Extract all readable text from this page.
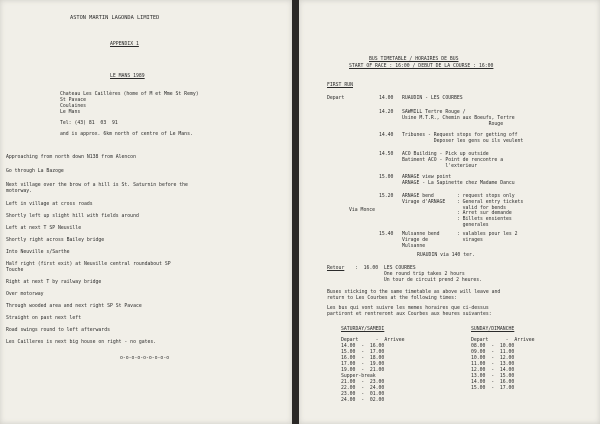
ASTON MARTIN LAGONDA LIMITED
APPENDIX 1
LE MANS 1989
Chateau Les Caillères (home of M et Mme St Remy)
St Pavace
Coulaines
Le Mans
Tel: (43) 81  03  91
and is approx. 6km north of centre of Le Mans.
Approaching from north down N138 from Alencon
Go through La Bazoge
Next village over the brow of a hill is St. Saturnin before the
motorway.
Left in village at cross roads
Shortly left up slight hill with fields around
Left at next T SP Neuville
Shortly right across Bailey bridge
Into Neuville s/Sarthe
Half right (first exit) at Neuville central roundabout SP
Touche
Right at next T by railway bridge
Over motorway
Through wooded area and next right SP St Pavace
Straight on past next left
Road swings round to left afterwards
Les Cailleres is next big house on right - no gates.
o-o-o-o-o-o-o-o-o
BUS TIMETABLE / HORAIRES DE BUS
START OF RACE : 16:00 / DEBUT DE LA COURSE : 16:00
FIRST RUN
Depart	14.00 RUAUDIN - LES COURBES
14.20 SAWMILL Tertre Rouge /
Usine M.T.R., Chemin aux Boeufs, Tertre
Rouge
14.40 Tribunes - Request stops for getting off
Deposer les gens ou ils veulent
14.50 ACO Building - Pick up outside
Batiment ACO - Point de rencontre a
l'exterieur
15.00 ARNAGE view point
ARNAGE - La Sapinette chez Madame Dancu
Via Monce
15.20 ARNAGE bend        : request stops only
Virage d'ARNAGE    : General entry tickets
valid for bends
: Arret sur demande
: Billets ensientes
generales
15.40 Mulsanne bend      : valables pour les 2
Virage de            virages
Mulsanne
RUAUDIN via 140 ter.
Retour :  16.00  LES COURBES
One round trip takes 2 hours
Un tour de circuit prend 2 heures.
Buses sticking to the same timetable as above will leave and
return to Les Courbes at the following times:
Les bus qui vont suivre les memes horaires que ci-dessus
partiront et rentreront aux Courbes aux heures suivantes:
SATURDAY/SAMEDI
Depart      -  Arrivee
14.00  -  16.00
15.00  -  17.00
16.00  -  18.00
17.00  -  19.00
19.00  -  21.00
Supper-break
21.00  -  23.00
22.00  -  24.00
23.00  -  01.00
24.00  -  02.00
SUNDAY/DIMANCHE
Depart      -  Arrivee
08.00  -  10.00
09.00  -  11.00
10.00  -  12.00
11.00  -  13.00
12.00  -  14.00
13.00  -  15.00
14.00  -  16.00
15.00  -  17.00
